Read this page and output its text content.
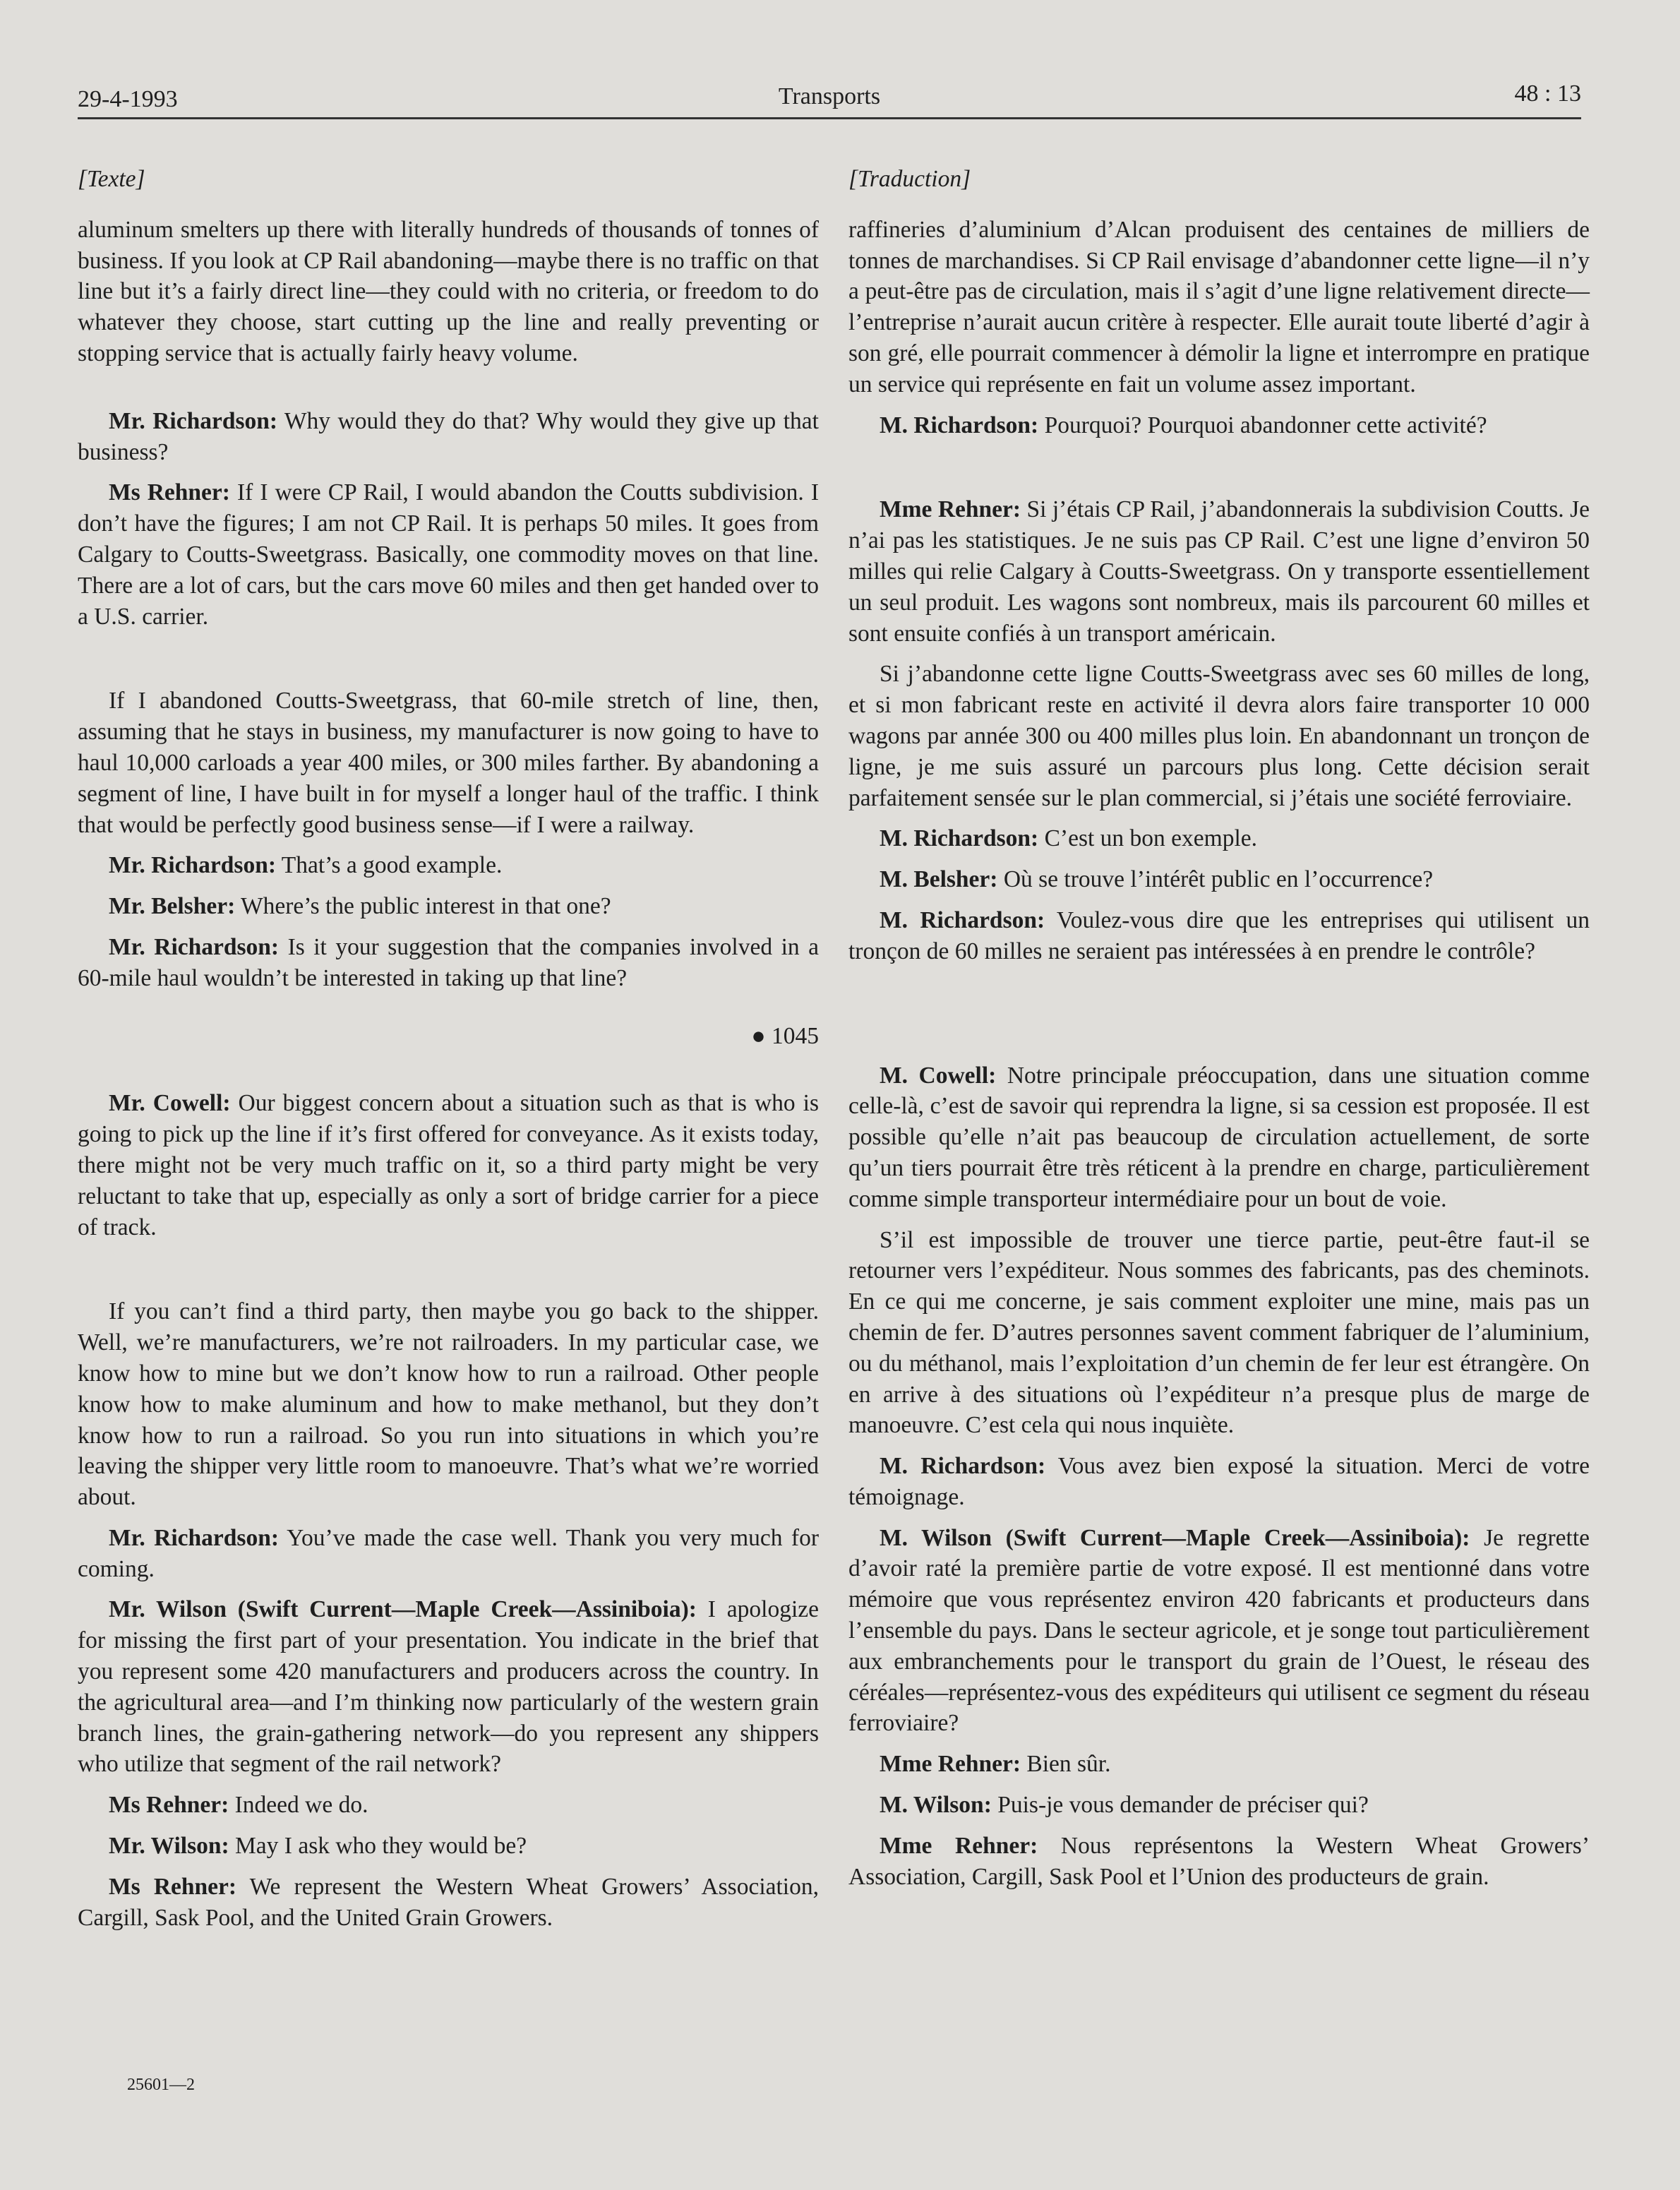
29-4-1993	Transports	48 : 13
[Texte]

aluminum smelters up there with literally hundreds of thousands of tonnes of business. If you look at CP Rail abandoning—maybe there is no traffic on that line but it’s a fairly direct line—they could with no criteria, or freedom to do whatever they choose, start cutting up the line and really preventing or stopping service that is actually fairly heavy volume.

Mr. Richardson: Why would they do that? Why would they give up that business?

Ms Rehner: If I were CP Rail, I would abandon the Coutts subdivision. I don’t have the figures; I am not CP Rail. It is perhaps 50 miles. It goes from Calgary to Coutts-Sweetgrass. Basically, one commodity moves on that line. There are a lot of cars, but the cars move 60 miles and then get handed over to a U.S. carrier.

If I abandoned Coutts-Sweetgrass, that 60-mile stretch of line, then, assuming that he stays in business, my manufacturer is now going to have to haul 10,000 carloads a year 400 miles, or 300 miles farther. By abandoning a segment of line, I have built in for myself a longer haul of the traffic. I think that would be perfectly good business sense—if I were a railway.

Mr. Richardson: That’s a good example.

Mr. Belsher: Where’s the public interest in that one?

Mr. Richardson: Is it your suggestion that the companies involved in a 60-mile haul wouldn’t be interested in taking up that line?

● 1045

Mr. Cowell: Our biggest concern about a situation such as that is who is going to pick up the line if it’s first offered for conveyance. As it exists today, there might not be very much traffic on it, so a third party might be very reluctant to take that up, especially as only a sort of bridge carrier for a piece of track.

If you can’t find a third party, then maybe you go back to the shipper. Well, we’re manufacturers, we’re not railroaders. In my particular case, we know how to mine but we don’t know how to run a railroad. Other people know how to make aluminum and how to make methanol, but they don’t know how to run a railroad. So you run into situations in which you’re leaving the shipper very little room to manoeuvre. That’s what we’re worried about.

Mr. Richardson: You’ve made the case well. Thank you very much for coming.

Mr. Wilson (Swift Current—Maple Creek—Assiniboia): I apologize for missing the first part of your presentation. You indicate in the brief that you represent some 420 manufacturers and producers across the country. In the agricultural area—and I’m thinking now particularly of the western grain branch lines, the grain-gathering network—do you represent any shippers who utilize that segment of the rail network?

Ms Rehner: Indeed we do.

Mr. Wilson: May I ask who they would be?

Ms Rehner: We represent the Western Wheat Growers’ Association, Cargill, Sask Pool, and the United Grain Growers.

[Traduction]

raffineries d’aluminium d’Alcan produisent des centaines de milliers de tonnes de marchandises. Si CP Rail envisage d’abandonner cette ligne—il n’y a peut-être pas de circulation, mais il s’agit d’une ligne relativement directe—l’entreprise n’aurait aucun critère à respecter. Elle aurait toute liberté d’agir à son gré, elle pourrait commencer à démolir la ligne et interrompre en pratique un service qui représente en fait un volume assez important.

M. Richardson: Pourquoi? Pourquoi abandonner cette activité?

Mme Rehner: Si j’étais CP Rail, j’abandonnerais la subdivision Coutts. Je n’ai pas les statistiques. Je ne suis pas CP Rail. C’est une ligne d’environ 50 milles qui relie Calgary à Coutts-Sweetgrass. On y transporte essentiellement un seul produit. Les wagons sont nombreux, mais ils parcourent 60 milles et sont ensuite confiés à un transport américain.

Si j’abandonne cette ligne Coutts-Sweetgrass avec ses 60 milles de long, et si mon fabricant reste en activité il devra alors faire transporter 10 000 wagons par année 300 ou 400 milles plus loin. En abandonnant un tronçon de ligne, je me suis assuré un parcours plus long. Cette décision serait parfaitement sensée sur le plan commercial, si j’étais une société ferroviaire.

M. Richardson: C’est un bon exemple.

M. Belsher: Où se trouve l’intérêt public en l’occurrence?

M. Richardson: Voulez-vous dire que les entreprises qui utilisent un tronçon de 60 milles ne seraient pas intéressées à en prendre le contrôle?

M. Cowell: Notre principale préoccupation, dans une situation comme celle-là, c’est de savoir qui reprendra la ligne, si sa cession est proposée. Il est possible qu’elle n’ait pas beaucoup de circulation actuellement, de sorte qu’un tiers pourrait être très réticent à la prendre en charge, particulièrement comme simple transporteur intermédiaire pour un bout de voie.

S’il est impossible de trouver une tierce partie, peut-être faut-il se retourner vers l’expéditeur. Nous sommes des fabricants, pas des cheminots. En ce qui me concerne, je sais comment exploiter une mine, mais pas un chemin de fer. D’autres personnes savent comment fabriquer de l’aluminium, ou du méthanol, mais l’exploitation d’un chemin de fer leur est étrangère. On en arrive à des situations où l’expéditeur n’a presque plus de marge de manoeuvre. C’est cela qui nous inquiète.

M. Richardson: Vous avez bien exposé la situation. Merci de votre témoignage.

M. Wilson (Swift Current—Maple Creek—Assiniboia): Je regrette d’avoir raté la première partie de votre exposé. Il est mentionné dans votre mémoire que vous représentez environ 420 fabricants et producteurs dans l’ensemble du pays. Dans le secteur agricole, et je songe tout particulièrement aux embranchements pour le transport du grain de l’Ouest, le réseau des céréales—représentez-vous des expéditeurs qui utilisent ce segment du réseau ferroviaire?

Mme Rehner: Bien sûr.

M. Wilson: Puis-je vous demander de préciser qui?

Mme Rehner: Nous représentons la Western Wheat Growers’ Association, Cargill, Sask Pool et l’Union des producteurs de grain.

25601—2
